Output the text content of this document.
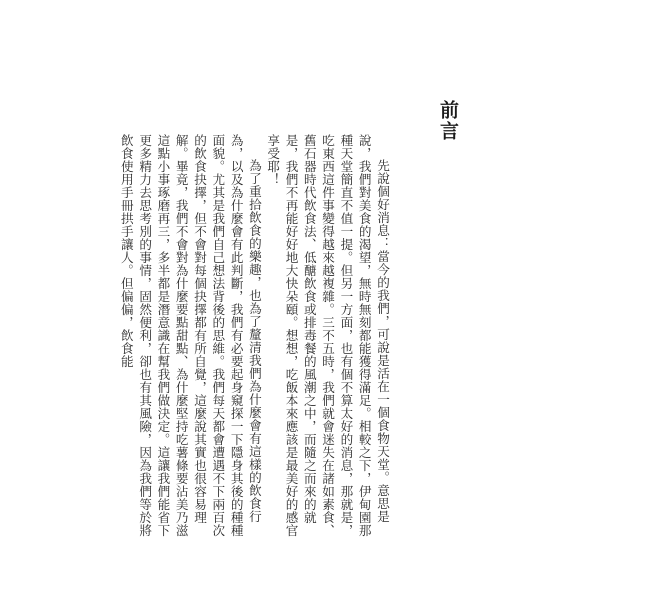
前言

先說個好消息：當今的我們，可說是活在一個食物天堂。意思是說，我們對美食的渴望，無時無刻都能獲得滿足。相較之下，伊甸園那種天堂簡直不值一提。但另一方面，也有個不算太好的消息，那就是，吃東西這件事變得越來越複雜。三不五時，我們就會迷失在諸如素食、舊石器時代飲食法、低醣飲食或排毒餐的風潮之中，而隨之而來的就是，我們不再能好好地大快朵頤。想想，吃飯本來應該是最美好的感官享受耶！

為了重拾飲食的樂趣，也為了釐清我們為什麼會有這樣的飲食行為，以及為什麼會有此判斷，我們有必要起身窺探一下隱身其後的種種面貌。尤其是我們自己想法背後的思維。我們每天都會遭遇不下兩百次的飲食抉擇，但不會對每個抉擇都有所自覺，這麼說其實也很容易理解。畢竟，我們不會對為什麼要點甜點、為什麼堅持吃薯條要沾美乃滋這點小事琢磨再三，多半都是潛意識在幫我們做決定。這讓我們能省下更多精力去思考別的事情，固然便利，卻也有其風險，因為我們等於將飲食使用手冊拱手讓人。但偏偏，飲食能
